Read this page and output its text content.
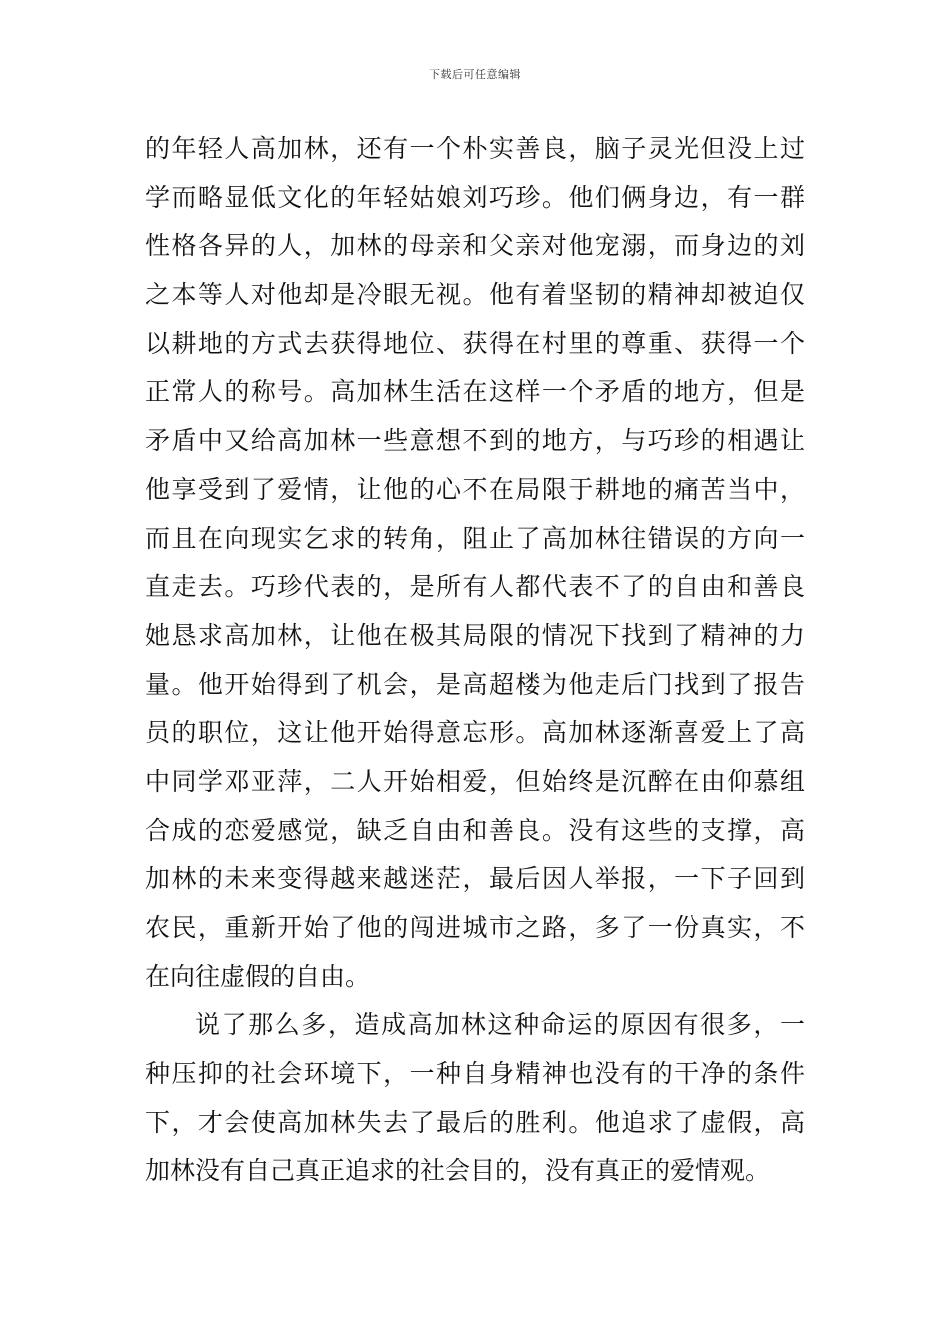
下载后可任意编辑
的年轻人高加林，还有一个朴实善良，脑子灵光但没上过
学而略显低文化的年轻姑娘刘巧珍。他们俩身边，有一群
性格各异的人，加林的母亲和父亲对他宠溺，而身边的刘
之本等人对他却是冷眼无视。他有着坚韧的精神却被迫仅
以耕地的方式去获得地位、获得在村里的尊重、获得一个
正常人的称号。高加林生活在这样一个矛盾的地方，但是
矛盾中又给高加林一些意想不到的地方，与巧珍的相遇让
他享受到了爱情，让他的心不在局限于耕地的痛苦当中，
而且在向现实乞求的转角，阻止了高加林往错误的方向一
直走去。巧珍代表的，是所有人都代表不了的自由和善良
她恳求高加林，让他在极其局限的情况下找到了精神的力
量。他开始得到了机会，是高超楼为他走后门找到了报告
员的职位，这让他开始得意忘形。高加林逐渐喜爱上了高
中同学邓亚萍，二人开始相爱，但始终是沉醉在由仰慕组
合成的恋爱感觉，缺乏自由和善良。没有这些的支撑，高
加林的未来变得越来越迷茫，最后因人举报，一下子回到
农民，重新开始了他的闯进城市之路，多了一份真实，不
在向往虚假的自由。
说了那么多，造成高加林这种命运的原因有很多，一
种压抑的社会环境下，一种自身精神也没有的干净的条件
下，才会使高加林失去了最后的胜利。他追求了虚假，高
加林没有自己真正追求的社会目的，没有真正的爱情观。
